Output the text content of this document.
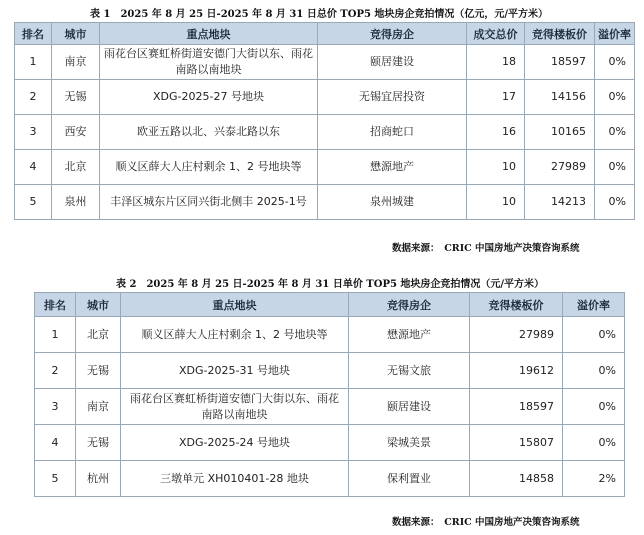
表 1　2025 年 8 月 25 日-2025 年 8 月 31 日总价 TOP5 地块房企竞拍情况（亿元，元/平方米）
排名	城市	重点地块	竞得房企	成交总价	竞得楼板价	溢价率
1	南京	雨花台区赛虹桥街道安德门大街以东、雨花南路以南地块	颐居建设	18	18597	0%
2	无锡	XDG-2025-27 号地块	无锡宜居投资	17	14156	0%
3	西安	欧亚五路以北、兴泰北路以东	招商蛇口	16	10165	0%
4	北京	顺义区薛大人庄村剩余 1、2 号地块等	懋源地产	10	27989	0%
5	泉州	丰泽区城东片区同兴街北侧丰 2025-1号	泉州城建	10	14213	0%
数据来源：　CRIC 中国房地产决策咨询系统
表 2　2025 年 8 月 25 日-2025 年 8 月 31 日单价 TOP5 地块房企竞拍情况（元/平方米）
排名	城市	重点地块	竞得房企	竞得楼板价	溢价率
1	北京	顺义区薛大人庄村剩余 1、2 号地块等	懋源地产	27989	0%
2	无锡	XDG-2025-31 号地块	无锡文旅	19612	0%
3	南京	雨花台区赛虹桥街道安德门大街以东、雨花南路以南地块	颐居建设	18597	0%
4	无锡	XDG-2025-24 号地块	梁城美景	15807	0%
5	杭州	三墩单元 XH010401-28 地块	保利置业	14858	2%
数据来源：　CRIC 中国房地产决策咨询系统
